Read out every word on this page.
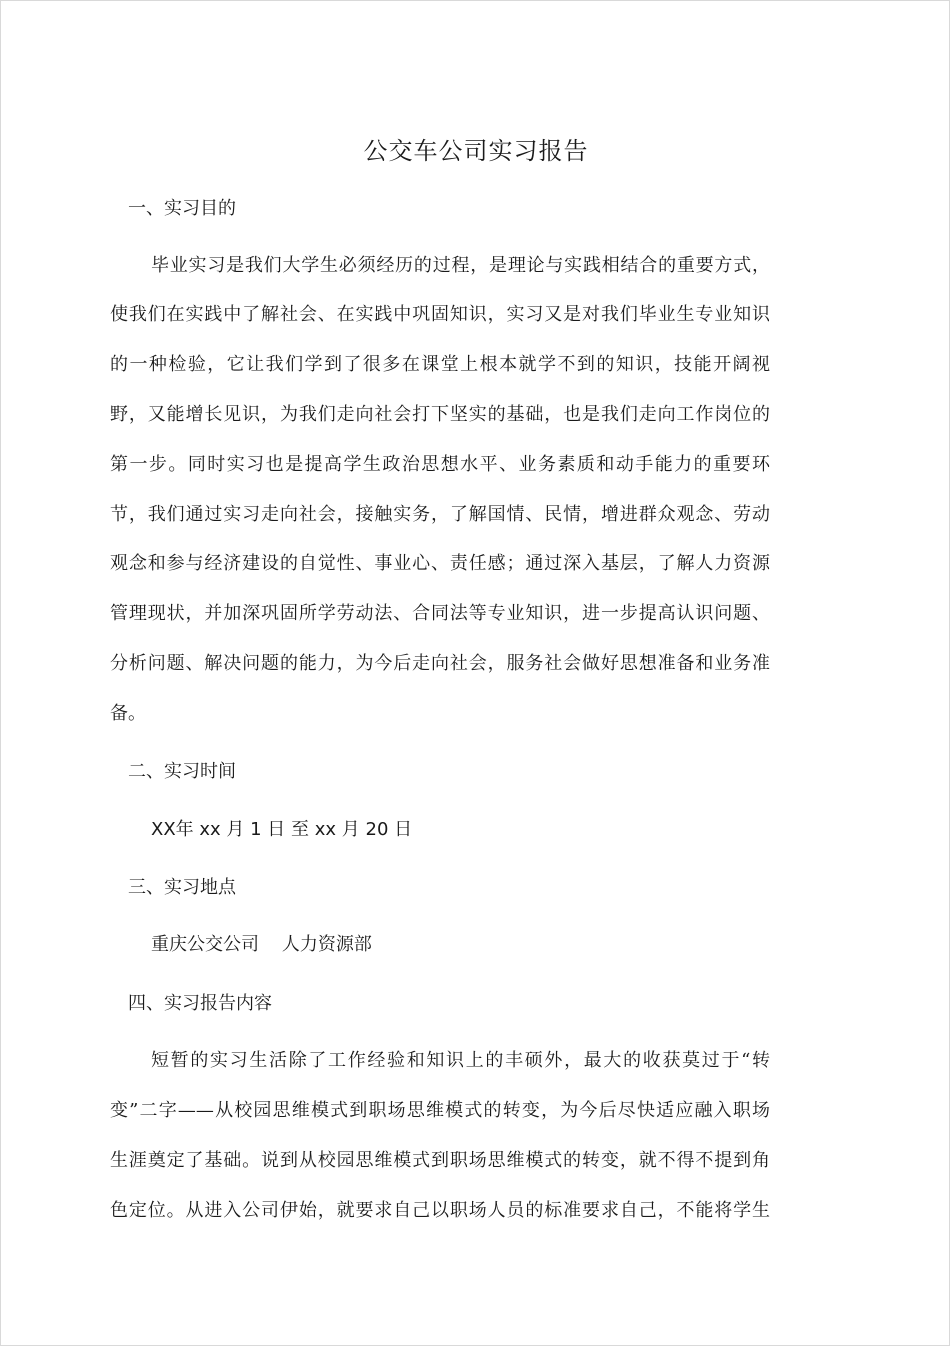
公交车公司实习报告
一、实习目的

毕业实习是我们大学生必须经历的过程，是理论与实践相结合的重要方式，

使我们在实践中了解社会、在实践中巩固知识，实习又是对我们毕业生专业知识

的一种检验，它让我们学到了很多在课堂上根本就学不到的知识，技能开阔视

野，又能增长见识，为我们走向社会打下坚实的基础，也是我们走向工作岗位的

第一步。同时实习也是提高学生政治思想水平、业务素质和动手能力的重要环

节，我们通过实习走向社会，接触实务，了解国情、民情，增进群众观念、劳动

观念和参与经济建设的自觉性、事业心、责任感；通过深入基层，了解人力资源

管理现状，并加深巩固所学劳动法、合同法等专业知识，进一步提高认识问题、

分析问题、解决问题的能力，为今后走向社会，服务社会做好思想准备和业务准

备。

二、实习时间

XX年 xx 月 1 日 至 xx 月 20 日

三、实习地点

重庆公交公司    人力资源部

四、实习报告内容

短暂的实习生活除了工作经验和知识上的丰硕外，最大的收获莫过于“转

变”二字——从校园思维模式到职场思维模式的转变，为今后尽快适应融入职场

生涯奠定了基础。说到从校园思维模式到职场思维模式的转变，就不得不提到角

色定位。从进入公司伊始，就要求自己以职场人员的标准要求自己，不能将学生
